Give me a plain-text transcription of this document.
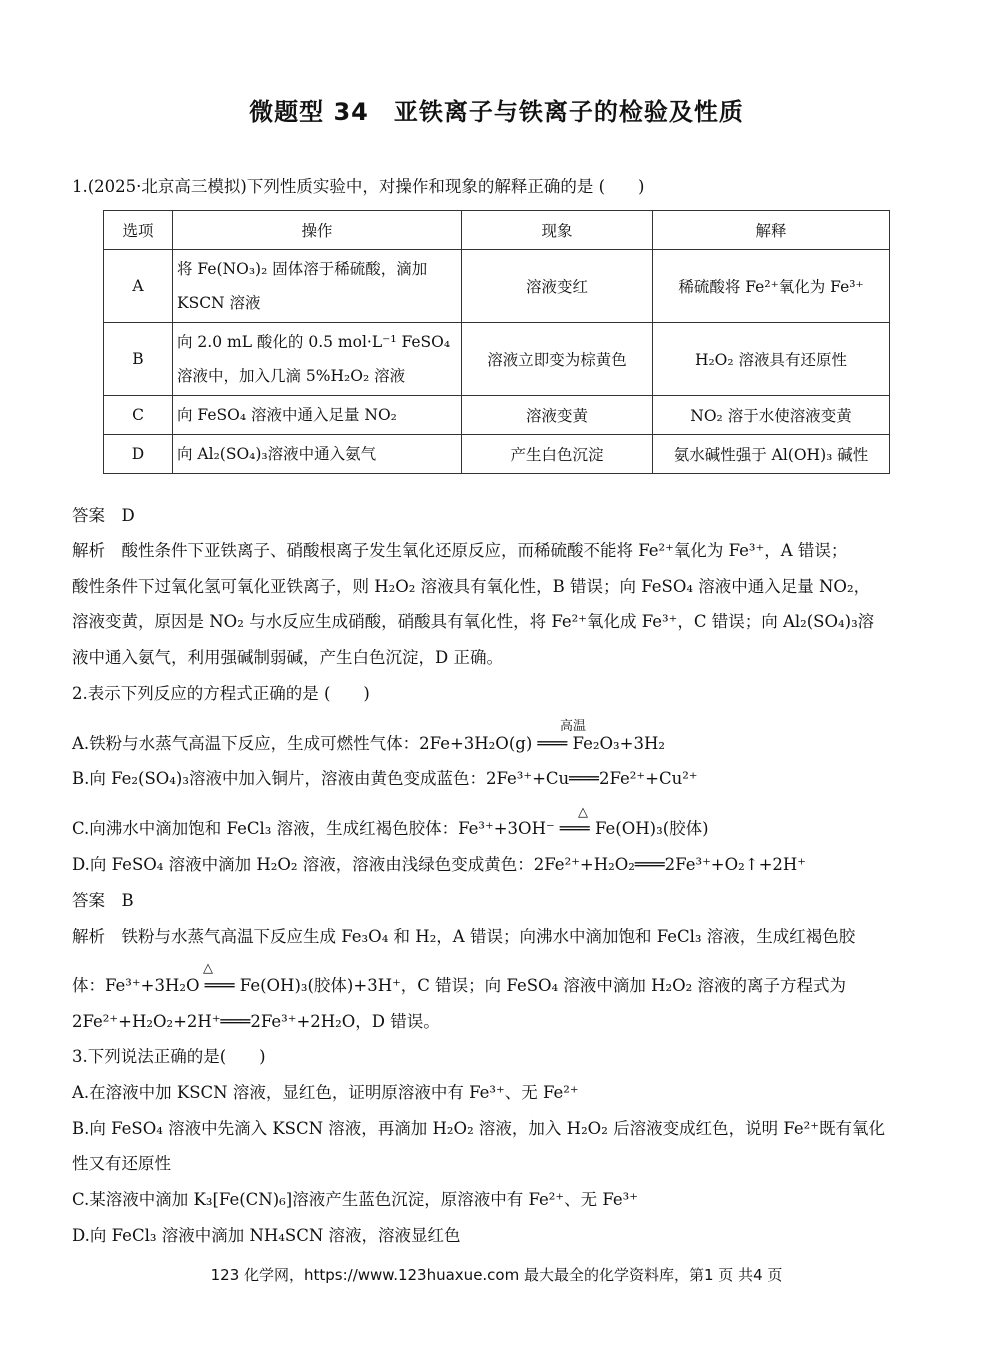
微题型 34　亚铁离子与铁离子的检验及性质
1.(2025·北京高三模拟)下列性质实验中，对操作和现象的解释正确的是 (　　)
选项	操作	现象	解释
A	将 Fe(NO₃)₂ 固体溶于稀硫酸，滴加
KSCN 溶液	溶液变红	稀硫酸将 Fe²⁺氧化为 Fe³⁺
B	向 2.0 mL 酸化的 0.5 mol·L⁻¹ FeSO₄
溶液中，加入几滴 5%H₂O₂ 溶液	溶液立即变为棕黄色	H₂O₂ 溶液具有还原性
C	向 FeSO₄ 溶液中通入足量 NO₂	溶液变黄	NO₂ 溶于水使溶液变黄
D	向 Al₂(SO₄)₃溶液中通入氨气	产生白色沉淀	氨水碱性强于 Al(OH)₃ 碱性
答案　D
解析　酸性条件下亚铁离子、硝酸根离子发生氧化还原反应，而稀硫酸不能将 Fe²⁺氧化为 Fe³⁺，A 错误；
酸性条件下过氧化氢可氧化亚铁离子，则 H₂O₂ 溶液具有氧化性，B 错误；向 FeSO₄ 溶液中通入足量 NO₂，
溶液变黄，原因是 NO₂ 与水反应生成硝酸，硝酸具有氧化性，将 Fe²⁺氧化成 Fe³⁺，C 错误；向 Al₂(SO₄)₃溶
液中通入氨气，利用强碱制弱碱，产生白色沉淀，D 正确。
2.表示下列反应的方程式正确的是 (　　)
高温
A.铁粉与水蒸气高温下反应，生成可燃性气体：2Fe+3H₂O(g) ═══ Fe₂O₃+3H₂
B.向 Fe₂(SO₄)₃溶液中加入铜片，溶液由黄色变成蓝色：2Fe³⁺+Cu═══2Fe²⁺+Cu²⁺
△
C.向沸水中滴加饱和 FeCl₃ 溶液，生成红褐色胶体：Fe³⁺+3OH⁻ ═══ Fe(OH)₃(胶体)
D.向 FeSO₄ 溶液中滴加 H₂O₂ 溶液，溶液由浅绿色变成黄色：2Fe²⁺+H₂O₂═══2Fe³⁺+O₂↑+2H⁺
答案　B
解析　铁粉与水蒸气高温下反应生成 Fe₃O₄ 和 H₂，A 错误；向沸水中滴加饱和 FeCl₃ 溶液，生成红褐色胶
△
体：Fe³⁺+3H₂O ═══ Fe(OH)₃(胶体)+3H⁺，C 错误；向 FeSO₄ 溶液中滴加 H₂O₂ 溶液的离子方程式为
2Fe²⁺+H₂O₂+2H⁺═══2Fe³⁺+2H₂O，D 错误。
3.下列说法正确的是(　　)
A.在溶液中加 KSCN 溶液，显红色，证明原溶液中有 Fe³⁺、无 Fe²⁺
B.向 FeSO₄ 溶液中先滴入 KSCN 溶液，再滴加 H₂O₂ 溶液，加入 H₂O₂ 后溶液变成红色，说明 Fe²⁺既有氧化
性又有还原性
C.某溶液中滴加 K₃[Fe(CN)₆]溶液产生蓝色沉淀，原溶液中有 Fe²⁺、无 Fe³⁺
D.向 FeCl₃ 溶液中滴加 NH₄SCN 溶液，溶液显红色
123 化学网，https://www.123huaxue.com 最大最全的化学资料库，第1 页 共4 页
